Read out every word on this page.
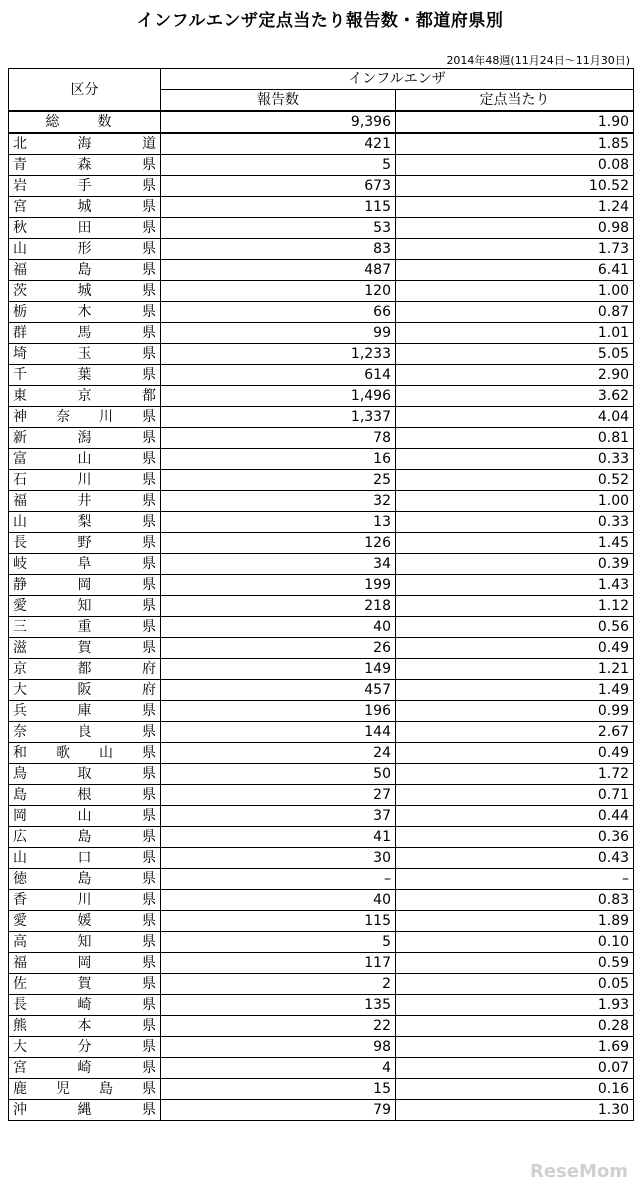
インフルエンザ定点当たり報告数・都道府県別
2014年48週(11月24日～11月30日)
区分	インフルエンザ	
	報告数	定点当たり
総　数	9,396	1.90

北 海 道	421	1.85

青 森 県	5	0.08

岩 手 県	673	10.52

宮 城 県	115	1.24

秋 田 県	53	0.98

山 形 県	83	1.73

福 島 県	487	6.41

茨 城 県	120	1.00

栃 木 県	66	0.87

群 馬 県	99	1.01

埼 玉 県	1,233	5.05

千 葉 県	614	2.90

東 京 都	1,496	3.62

神 奈 川 県	1,337	4.04

新 潟 県	78	0.81

富 山 県	16	0.33

石 川 県	25	0.52

福 井 県	32	1.00

山 梨 県	13	0.33

長 野 県	126	1.45

岐 阜 県	34	0.39

静 岡 県	199	1.43

愛 知 県	218	1.12

三 重 県	40	0.56

滋 賀 県	26	0.49

京 都 府	149	1.21

大 阪 府	457	1.49

兵 庫 県	196	0.99

奈 良 県	144	2.67

和 歌 山 県	24	0.49

鳥 取 県	50	1.72

島 根 県	27	0.71

岡 山 県	37	0.44

広 島 県	41	0.36

山 口 県	30	0.43

徳 島 県	–	–

香 川 県	40	0.83

愛 媛 県	115	1.89

高 知 県	5	0.10

福 岡 県	117	0.59

佐 賀 県	2	0.05

長 崎 県	135	1.93

熊 本 県	22	0.28

大 分 県	98	1.69

宮 崎 県	4	0.07

鹿 児 島 県	15	0.16

沖 縄 県	79	1.30
ReseMom
